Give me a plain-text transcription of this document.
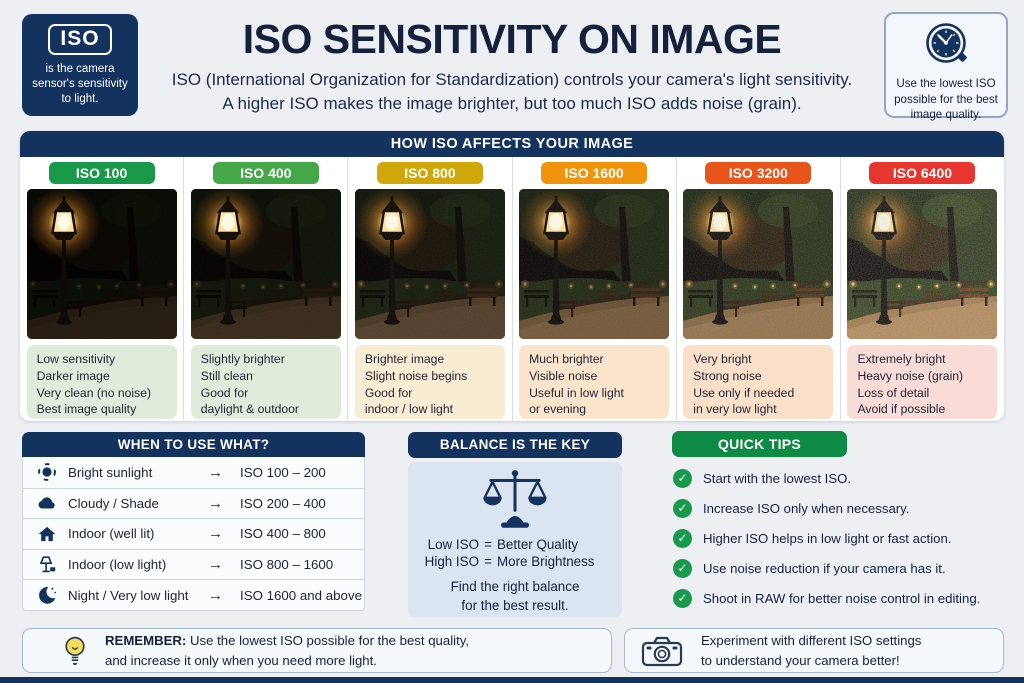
ISO
is the camera sensor's sensitivity to light.
ISO SENSITIVITY ON IMAGE
ISO (International Organization for Standardization) controls your camera's light sensitivity.
A higher ISO makes the image brighter, but too much ISO adds noise (grain).
Use the lowest ISO possible for the best image quality.
HOW ISO AFFECTS YOUR IMAGE
ISO 100
Low sensitivity
Darker image
Very clean (no noise)
Best image quality
ISO 400
Slightly brighter
Still clean
Good for
daylight & outdoor
ISO 800
Brighter image
Slight noise begins
Good for
indoor / low light
ISO 1600
Much brighter
Visible noise
Useful in low light
or evening
ISO 3200
Very bright
Strong noise
Use only if needed
in very low light
ISO 6400
Extremely bright
Heavy noise (grain)
Loss of detail
Avoid if possible
WHEN TO USE WHAT?
Bright sunlight	→	ISO 100 – 200
Cloudy / Shade	→	ISO 200 – 400
Indoor (well lit)	→	ISO 400 – 800
Indoor (low light)	→	ISO 800 – 1600
Night / Very low light	→	ISO 1600 and above
BALANCE IS THE KEY
Low ISO = Better Quality
High ISO = More Brightness
Find the right balance
for the best result.
QUICK TIPS
✓	Start with the lowest ISO.
✓	Increase ISO only when necessary.
✓	Higher ISO helps in low light or fast action.
✓	Use noise reduction if your camera has it.
✓	Shoot in RAW for better noise control in editing.
REMEMBER: Use the lowest ISO possible for the best quality,
and increase it only when you need more light.
Experiment with different ISO settings
to understand your camera better!
